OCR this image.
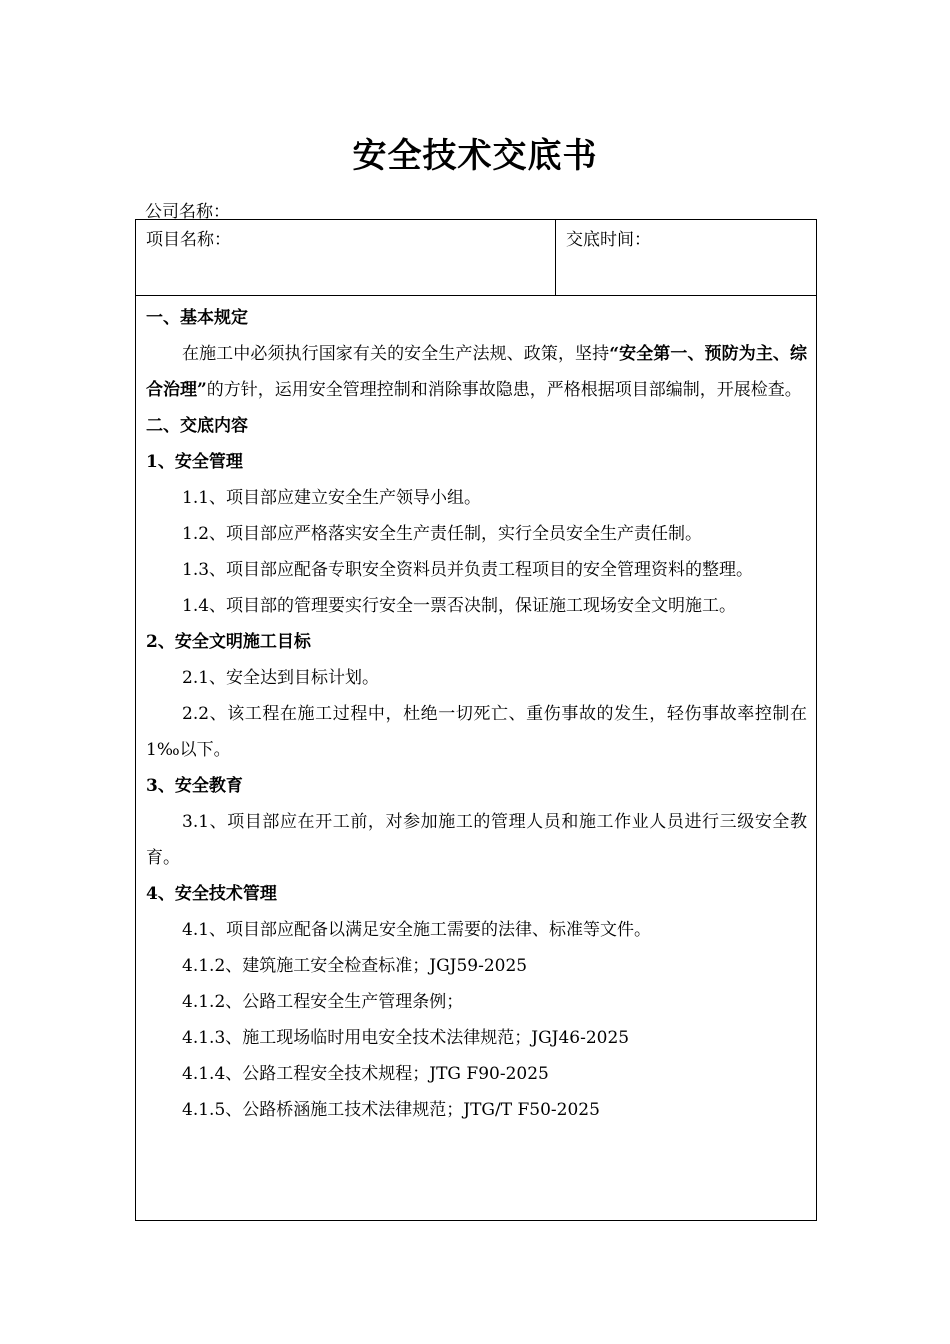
安全技术交底书
公司名称：
项目名称：	交底时间：

一、基本规定

在施工中必须执行国家有关的安全生产法规、政策，坚持“安全第一、预防为主、综合治理”的方针，运用安全管理控制和消除事故隐患，严格根据项目部编制，开展检查。

二、交底内容

1、安全管理

1.1、项目部应建立安全生产领导小组。

1.2、项目部应严格落实安全生产责任制，实行全员安全生产责任制。

1.3、项目部应配备专职安全资料员并负责工程项目的安全管理资料的整理。

1.4、项目部的管理要实行安全一票否决制，保证施工现场安全文明施工。

2、安全文明施工目标

2.1、安全达到目标计划。

2.2、该工程在施工过程中，杜绝一切死亡、重伤事故的发生，轻伤事故率控制在1‰以下。

3、安全教育

3.1、项目部应在开工前，对参加施工的管理人员和施工作业人员进行三级安全教育。

4、安全技术管理

4.1、项目部应配备以满足安全施工需要的法律、标准等文件。

4.1.2、建筑施工安全检查标准；JGJ59-2025

4.1.2、公路工程安全生产管理条例；

4.1.3、施工现场临时用电安全技术法律规范；JGJ46-2025

4.1.4、公路工程安全技术规程；JTG F90-2025

4.1.5、公路桥涵施工技术法律规范；JTG/T F50-2025
